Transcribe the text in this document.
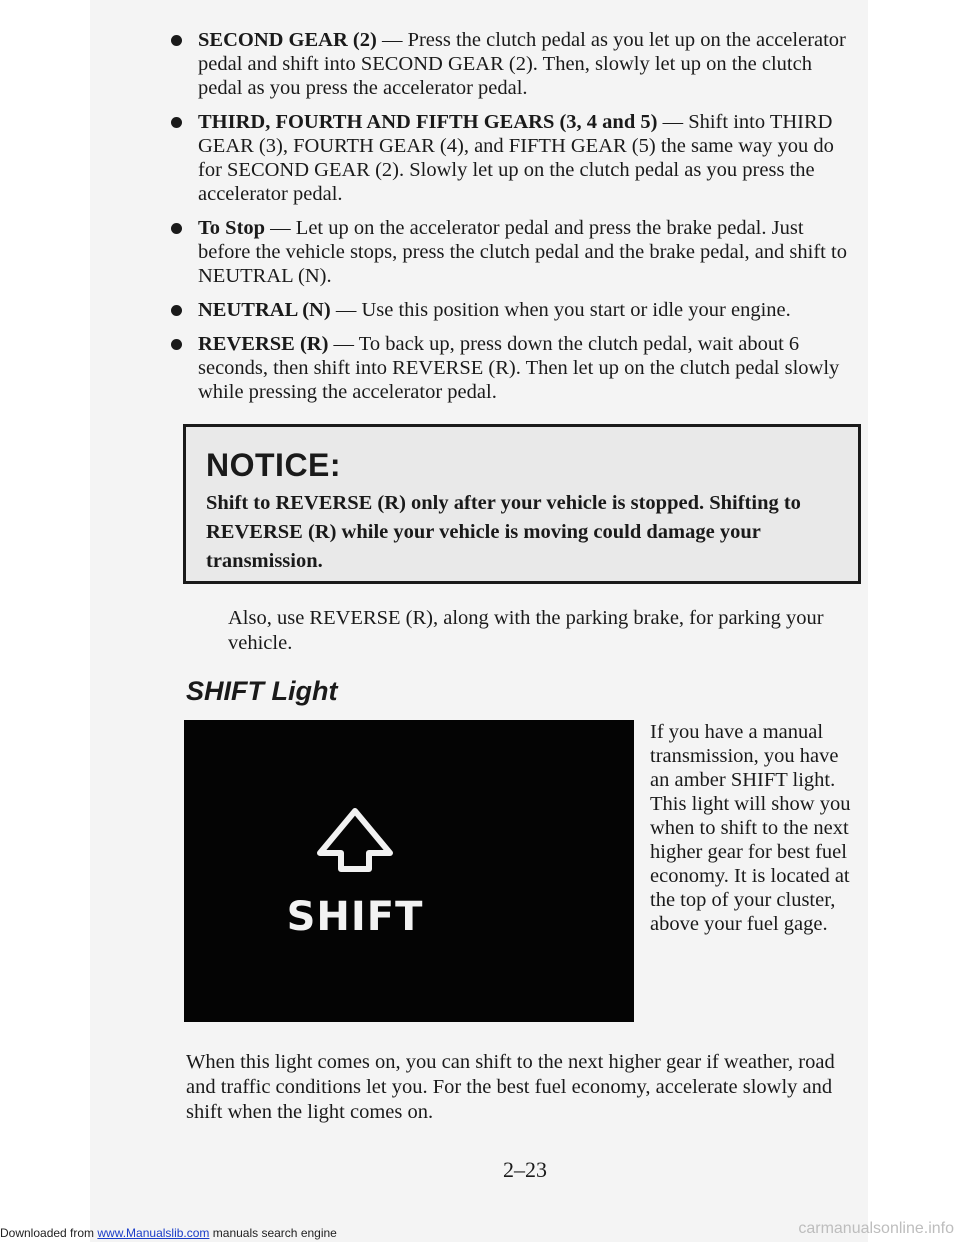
SECOND GEAR (2) — Press the clutch pedal as you let up on the accelerator pedal and shift into SECOND GEAR (2). Then, slowly let up on the clutch pedal as you press the accelerator pedal.
THIRD, FOURTH AND FIFTH GEARS (3, 4 and 5) — Shift into THIRD GEAR (3), FOURTH GEAR (4), and FIFTH GEAR (5) the same way you do for SECOND GEAR (2). Slowly let up on the clutch pedal as you press the accelerator pedal.
To Stop — Let up on the accelerator pedal and press the brake pedal. Just before the vehicle stops, press the clutch pedal and the brake pedal, and shift to NEUTRAL (N).
NEUTRAL (N) — Use this position when you start or idle your engine.
REVERSE (R) — To back up, press down the clutch pedal, wait about 6 seconds, then shift into REVERSE (R). Then let up on the clutch pedal slowly while pressing the accelerator pedal.
NOTICE:
Shift to REVERSE (R) only after your vehicle is stopped. Shifting to REVERSE (R) while your vehicle is moving could damage your transmission.
Also, use REVERSE (R), along with the parking brake, for parking your vehicle.
SHIFT Light
SHIFT
If you have a manual transmission, you have an amber SHIFT light. This light will show you when to shift to the next higher gear for best fuel economy. It is located at the top of your cluster, above your fuel gage.
When this light comes on, you can shift to the next higher gear if weather, road and traffic conditions let you. For the best fuel economy, accelerate slowly and shift when the light comes on.
2–23
Downloaded from www.Manualslib.com manuals search engine	carmanualsonline.info
